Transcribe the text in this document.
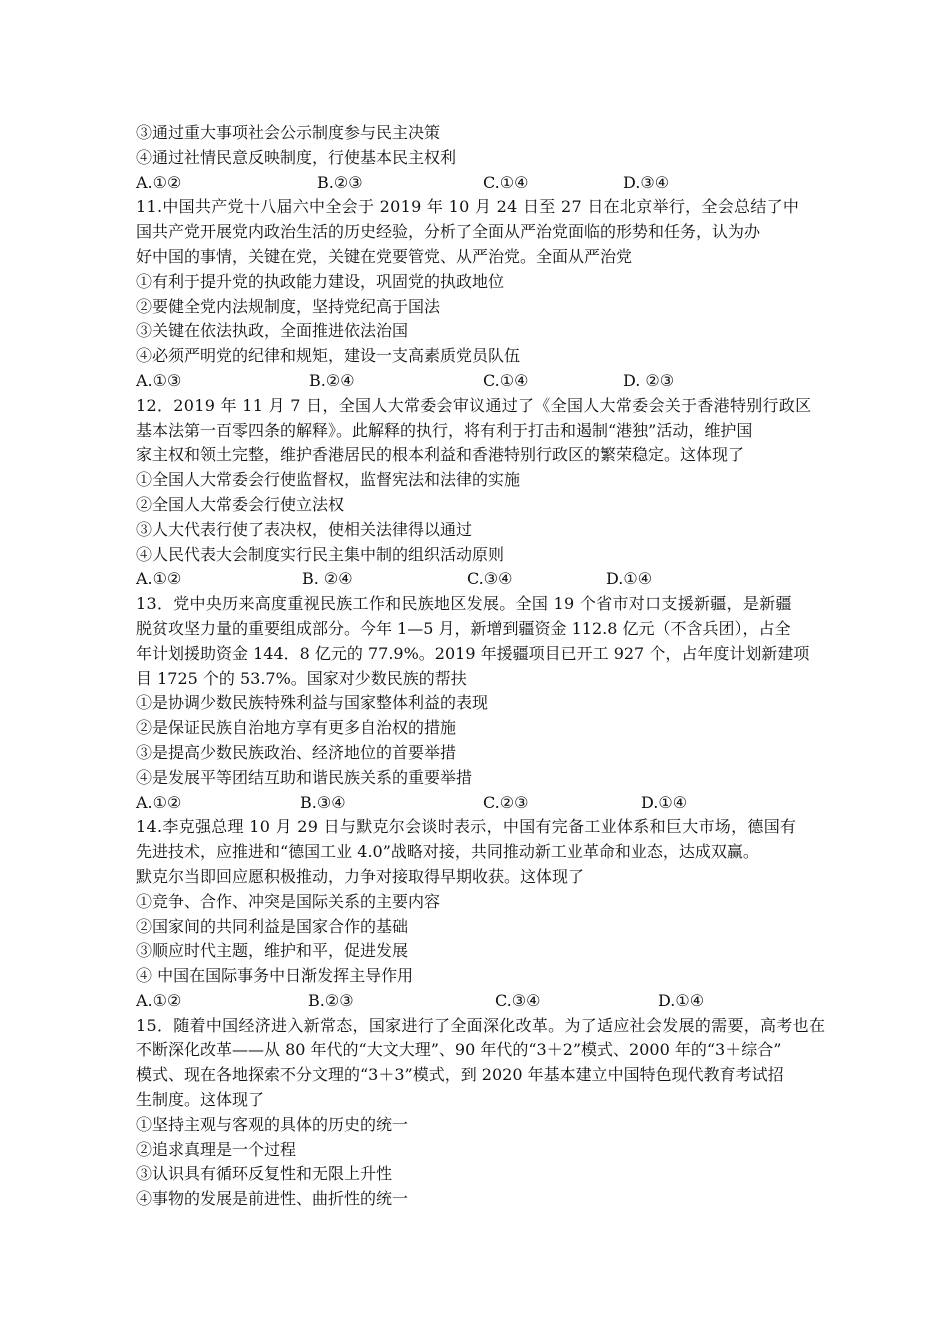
③通过重大事项社会公示制度参与民主决策
④通过社情民意反映制度，行使基本民主权利
A.①②	B.②③	C.①④	D.③④
11.中国共产党十八届六中全会于 2019 年 10 月 24 日至 27 日在北京举行，全会总结了中
国共产党开展党内政治生活的历史经验，分析了全面从严治党面临的形势和任务，认为办
好中国的事情，关键在党，关键在党要管党、从严治党。全面从严治党
①有利于提升党的执政能力建设，巩固党的执政地位
②要健全党内法规制度，坚持党纪高于国法
③关键在依法执政，全面推进依法治国
④必须严明党的纪律和规矩，建设一支高素质党员队伍
A.①③	B.②④	C.①④	D. ②③
12．2019 年 11 月 7 日，全国人大常委会审议通过了《全国人大常委会关于香港特别行政区
基本法第一百零四条的解释》。此解释的执行，将有利于打击和遏制“港独”活动，维护国
家主权和领土完整，维护香港居民的根本利益和香港特别行政区的繁荣稳定。这体现了
①全国人大常委会行使监督权，监督宪法和法律的实施
②全国人大常委会行使立法权
③人大代表行使了表决权，使相关法律得以通过
④人民代表大会制度实行民主集中制的组织活动原则
A.①②	B. ②④	C.③④	D.①④
13．党中央历来高度重视民族工作和民族地区发展。全国 19 个省市对口支援新疆，是新疆
脱贫攻坚力量的重要组成部分。今年 1—5 月，新增到疆资金 112.8 亿元（不含兵团），占全
年计划援助资金 144．8 亿元的 77.9%。2019 年援疆项目已开工 927 个，占年度计划新建项
目 1725 个的 53.7%。国家对少数民族的帮扶
①是协调少数民族特殊利益与国家整体利益的表现
②是保证民族自治地方享有更多自治权的措施
③是提高少数民族政治、经济地位的首要举措
④是发展平等团结互助和谐民族关系的重要举措
A.①②	B.③④	C.②③	D.①④
14.李克强总理 10 月 29 日与默克尔会谈时表示，中国有完备工业体系和巨大市场，德国有
先进技术，应推进和“德国工业 4.0”战略对接，共同推动新工业革命和业态，达成双赢。
默克尔当即回应愿积极推动，力争对接取得早期收获。这体现了
①竞争、合作、冲突是国际关系的主要内容
②国家间的共同利益是国家合作的基础
③顺应时代主题，维护和平，促进发展
④ 中国在国际事务中日渐发挥主导作用
A.①②	B.②③	C.③④	D.①④
15．随着中国经济进入新常态，国家进行了全面深化改革。为了适应社会发展的需要，高考也在
不断深化改革——从 80 年代的“大文大理”、90 年代的“3＋2”模式、2000 年的“3＋综合”
模式、现在各地探索不分文理的“3＋3”模式，到 2020 年基本建立中国特色现代教育考试招
生制度。这体现了
①坚持主观与客观的具体的历史的统一
②追求真理是一个过程
③认识具有循环反复性和无限上升性
④事物的发展是前进性、曲折性的统一
